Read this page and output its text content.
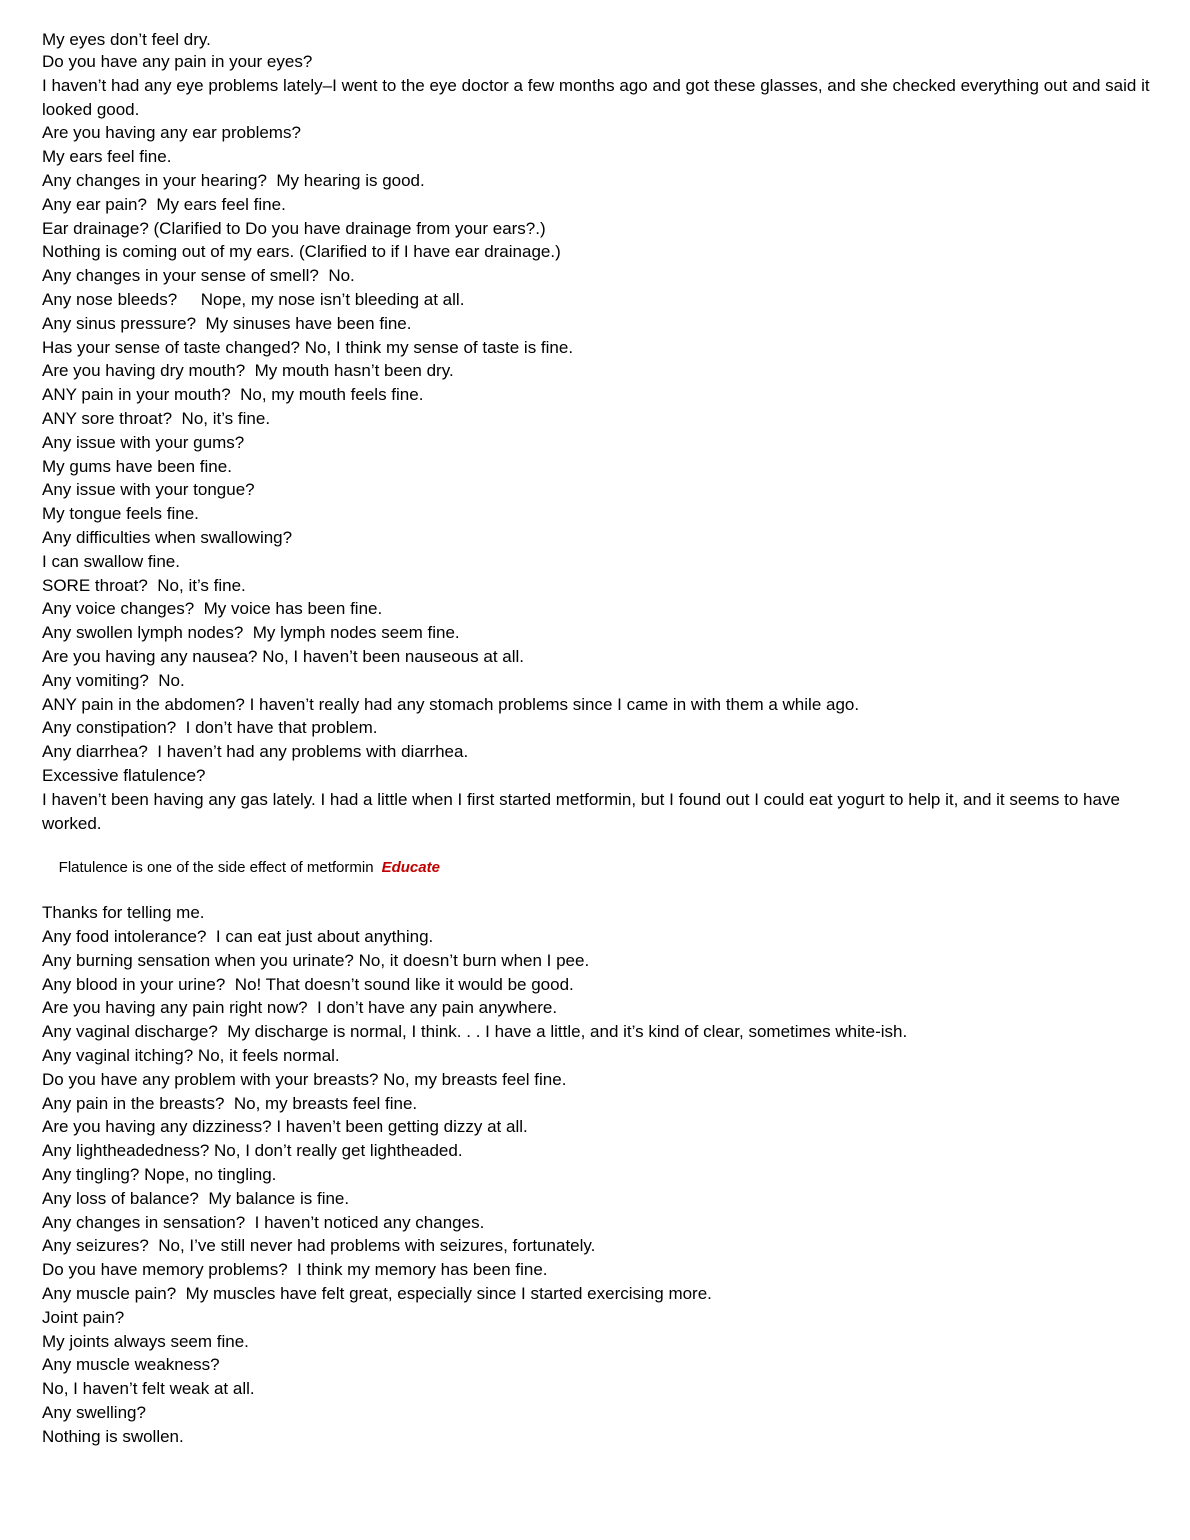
My eyes don’t feel dry.

Do you have any pain in your eyes?

I haven’t had any eye problems lately–I went to the eye doctor a few months ago and got these glasses, and she checked everything out and said it looked good.

Are you having any ear problems?

My ears feel fine.

Any changes in your hearing?  My hearing is good.

Any ear pain?  My ears feel fine.

Ear drainage? (Clarified to Do you have drainage from your ears?.)

Nothing is coming out of my ears. (Clarified to if I have ear drainage.)

Any changes in your sense of smell?  No.

Any nose bleeds?     Nope, my nose isn’t bleeding at all.

Any sinus pressure?  My sinuses have been fine.

Has your sense of taste changed? No, I think my sense of taste is fine.

Are you having dry mouth?  My mouth hasn’t been dry.

ANY pain in your mouth?  No, my mouth feels fine.

ANY sore throat?  No, it’s fine.

Any issue with your gums?

My gums have been fine.

Any issue with your tongue?

My tongue feels fine.

Any difficulties when swallowing?

I can swallow fine.

SORE throat?  No, it’s fine.

Any voice changes?  My voice has been fine.

Any swollen lymph nodes?  My lymph nodes seem fine.

Are you having any nausea? No, I haven’t been nauseous at all.

Any vomiting?  No.

ANY pain in the abdomen? I haven’t really had any stomach problems since I came in with them a while ago.

Any constipation?  I don’t have that problem.

Any diarrhea?  I haven’t had any problems with diarrhea.

Excessive flatulence?

I haven’t been having any gas lately. I had a little when I first started metformin, but I found out I could eat yogurt to help it, and it seems to have worked.

Flatulence is one of the side effect of metformin Educate

Thanks for telling me.

Any food intolerance?  I can eat just about anything.

Any burning sensation when you urinate? No, it doesn’t burn when I pee.

Any blood in your urine?  No! That doesn’t sound like it would be good.

Are you having any pain right now?  I don’t have any pain anywhere.

Any vaginal discharge?  My discharge is normal, I think. . . I have a little, and it’s kind of clear, sometimes white-ish.

Any vaginal itching? No, it feels normal.

Do you have any problem with your breasts? No, my breasts feel fine.

Any pain in the breasts?  No, my breasts feel fine.

Are you having any dizziness? I haven’t been getting dizzy at all.

Any lightheadedness? No, I don’t really get lightheaded.

Any tingling? Nope, no tingling.

Any loss of balance?  My balance is fine.

Any changes in sensation?  I haven’t noticed any changes.

Any seizures?  No, I’ve still never had problems with seizures, fortunately.

Do you have memory problems?  I think my memory has been fine.

Any muscle pain?  My muscles have felt great, especially since I started exercising more.

Joint pain?

My joints always seem fine.

Any muscle weakness?

No, I haven’t felt weak at all.

Any swelling?

Nothing is swollen.
